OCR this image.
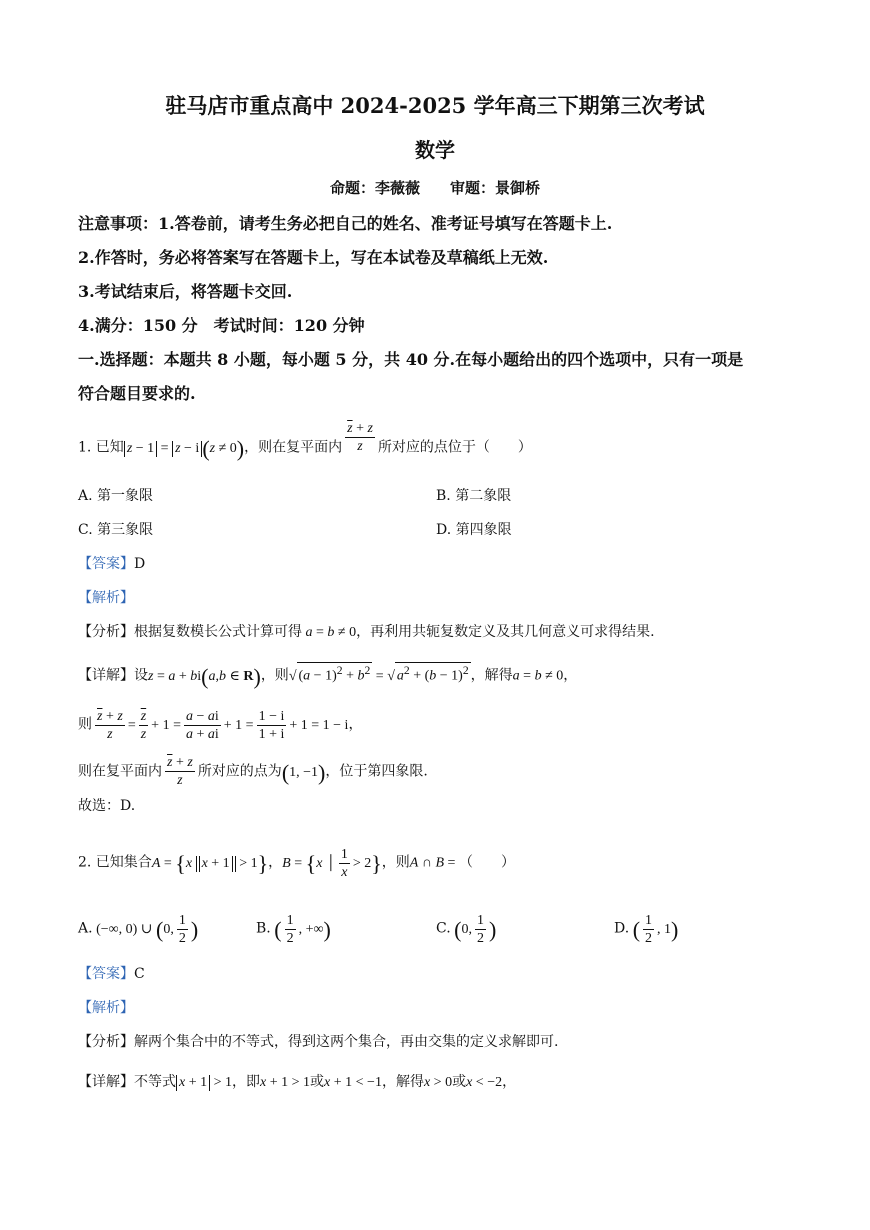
驻马店市重点高中 2024-2025 学年高三下期第三次考试
数学
命题：李薇薇　　审题：景御桥
注意事项：1.答卷前，请考生务必把自己的姓名、准考证号填写在答题卡上.
2.作答时，务必将答案写在答题卡上，写在本试卷及草稿纸上无效.
3.考试结束后，将答题卡交回.
4.满分：150 分　考试时间：120 分钟
一.选择题：本题共 8 小题，每小题 5 分，共 40 分.在每小题给出的四个选项中，只有一项是
符合题目要求的.
1. 已知 z − 1 = z − i (z ≠ 0)，则在复平面内 $\frac{\overline{z} + z}{z}$ 所对应的点位于（　　）
A. 第一象限	B. 第二象限
C. 第三象限	D. 第四象限
【答案】D
【解析】
【分析】根据复数模长公式计算可得 a = b ≠ 0，再利用共轭复数定义及其几何意义可求得结果.
【详解】设z = a + bi(a,b ∈ R)，则√ $(a - 1)^2 + b^2$ = √ $a^2 + (b - 1)^2$ ，解得a = b ≠ 0，
则 $\frac{\overline{z} + z}{z} = \frac{\overline{z}}{z} + 1 = \frac{a - ai}{a + ai} + 1 = \frac{1 - i}{1 + i} + 1 = 1 - i$，
则在复平面内 $\frac{\overline{z} + z}{z}$ 所对应的点为(1, −1)，位于第四象限.
故选：D.
2. 已知集合A = {x x + 1 > 1}，B = {x │ $\frac{1}{x} > 2$}，则A ∩ B = （　　）
A. (−∞, 0) ∪ (0, $\frac{1}{2}$ )	B. ( $\frac{1}{2}$ , +∞)	C. (0, $\frac{1}{2}$ )	D. ( $\frac{1}{2}$ , 1)
【答案】C
【解析】
【分析】解两个集合中的不等式，得到这两个集合，再由交集的定义求解即可.
【详解】不等式 x + 1 > 1，即x + 1 > 1或x + 1 < −1，解得x > 0或x < −2，
